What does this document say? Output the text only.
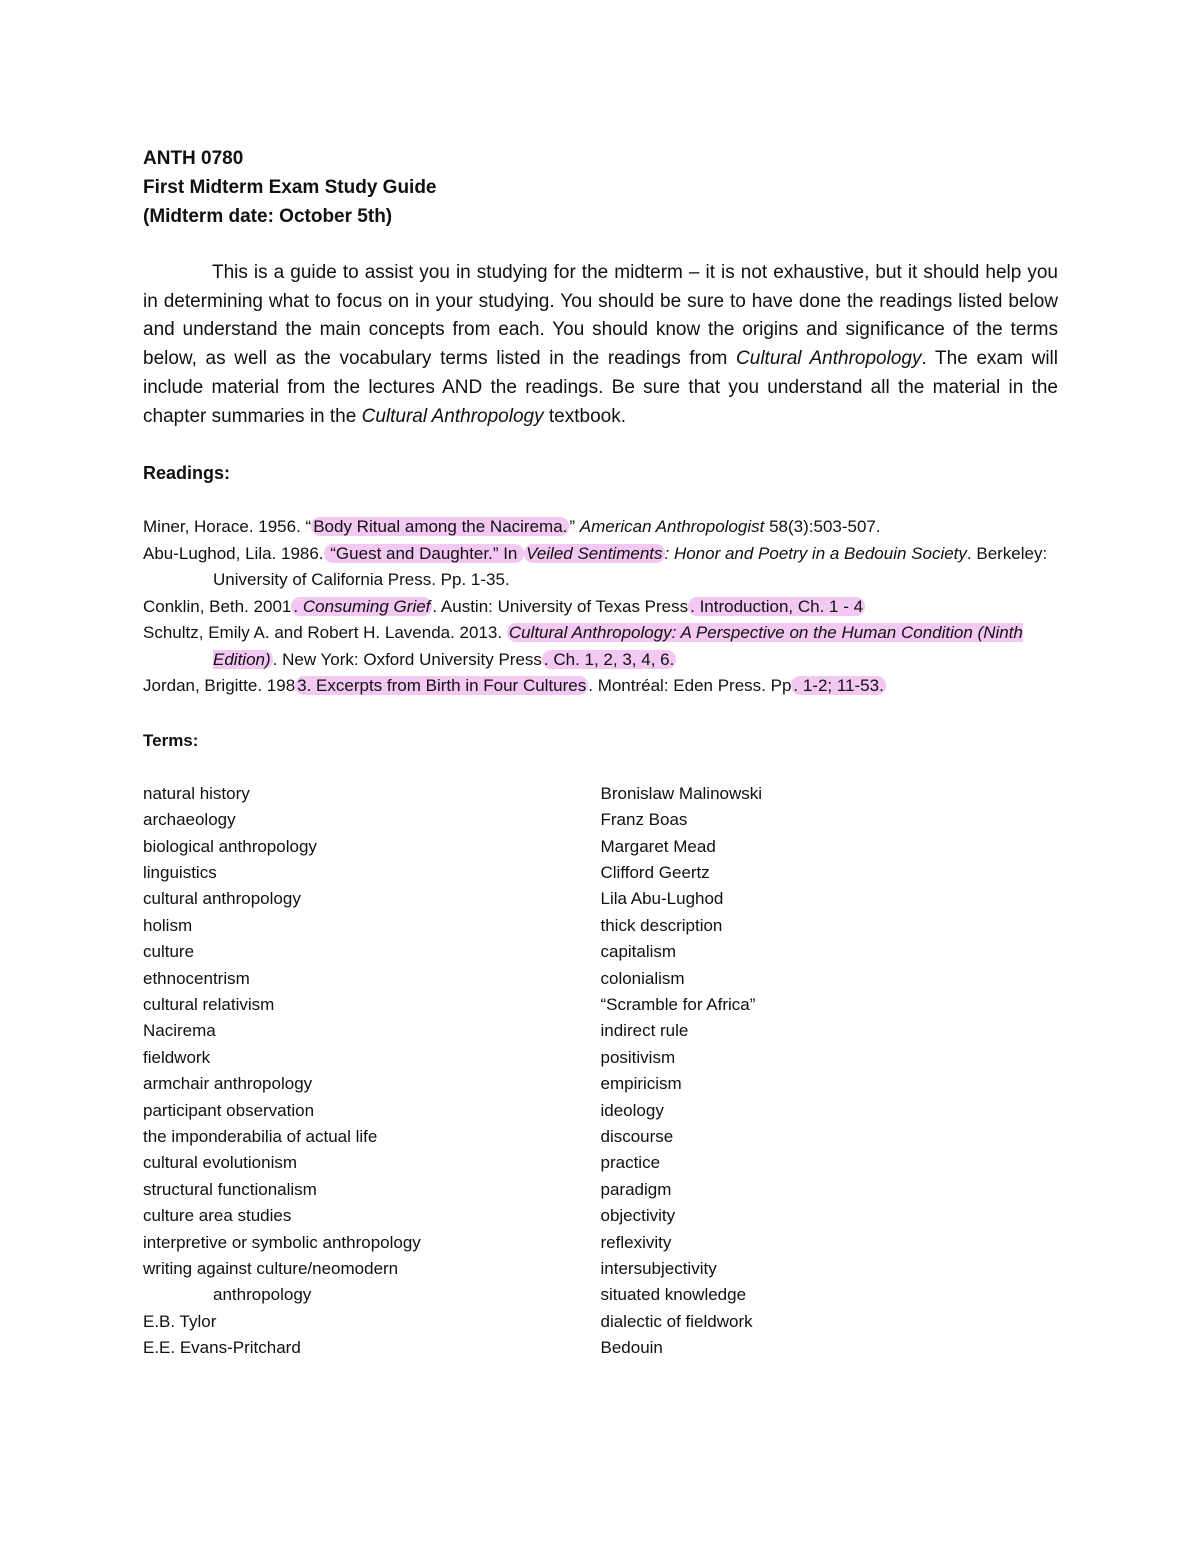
ANTH 0780
First Midterm Exam Study Guide
(Midterm date: October 5th)

This is a guide to assist you in studying for the midterm – it is not exhaustive, but it should help you in determining what to focus on in your studying. You should be sure to have done the readings listed below and understand the main concepts from each. You should know the origins and significance of the terms below, as well as the vocabulary terms listed in the readings from Cultural Anthropology. The exam will include material from the lectures AND the readings. Be sure that you understand all the material in the chapter summaries in the Cultural Anthropology textbook.

Readings:
Miner, Horace. 1956. “ Body Ritual among the Nacirema. ” American Anthropologist 58(3):503-507.
Abu-Lughod, Lila. 1986. “Guest and Daughter.” In Veiled Sentiments : Honor and Poetry in a Bedouin Society. Berkeley: University of California Press. Pp. 1-35.
Conklin, Beth. 2001 . Consuming Grief . Austin: University of Texas Press . Introduction, Ch. 1 - 4
Schultz, Emily A. and Robert H. Lavenda. 2013. Cultural Anthropology: A Perspective on the Human Condition (Ninth Edition) . New York: Oxford University Press . Ch. 1, 2, 3, 4, 6.
Jordan, Brigitte. 198 3. Excerpts from Birth in Four Cultures . Montréal: Eden Press. Pp . 1-2; 11-53.
Terms:
natural history
archaeology
biological anthropology
linguistics
cultural anthropology
holism
culture
ethnocentrism
cultural relativism
Nacirema
fieldwork
armchair anthropology
participant observation
the imponderabilia of actual life
cultural evolutionism
structural functionalism
culture area studies
interpretive or symbolic anthropology
writing against culture/neomodern
anthropology
E.B. Tylor
E.E. Evans-Pritchard
Bronislaw Malinowski
Franz Boas
Margaret Mead
Clifford Geertz
Lila Abu-Lughod
thick description
capitalism
colonialism
“Scramble for Africa”
indirect rule
positivism
empiricism
ideology
discourse
practice
paradigm
objectivity
reflexivity
intersubjectivity
situated knowledge
dialectic of fieldwork
Bedouin
